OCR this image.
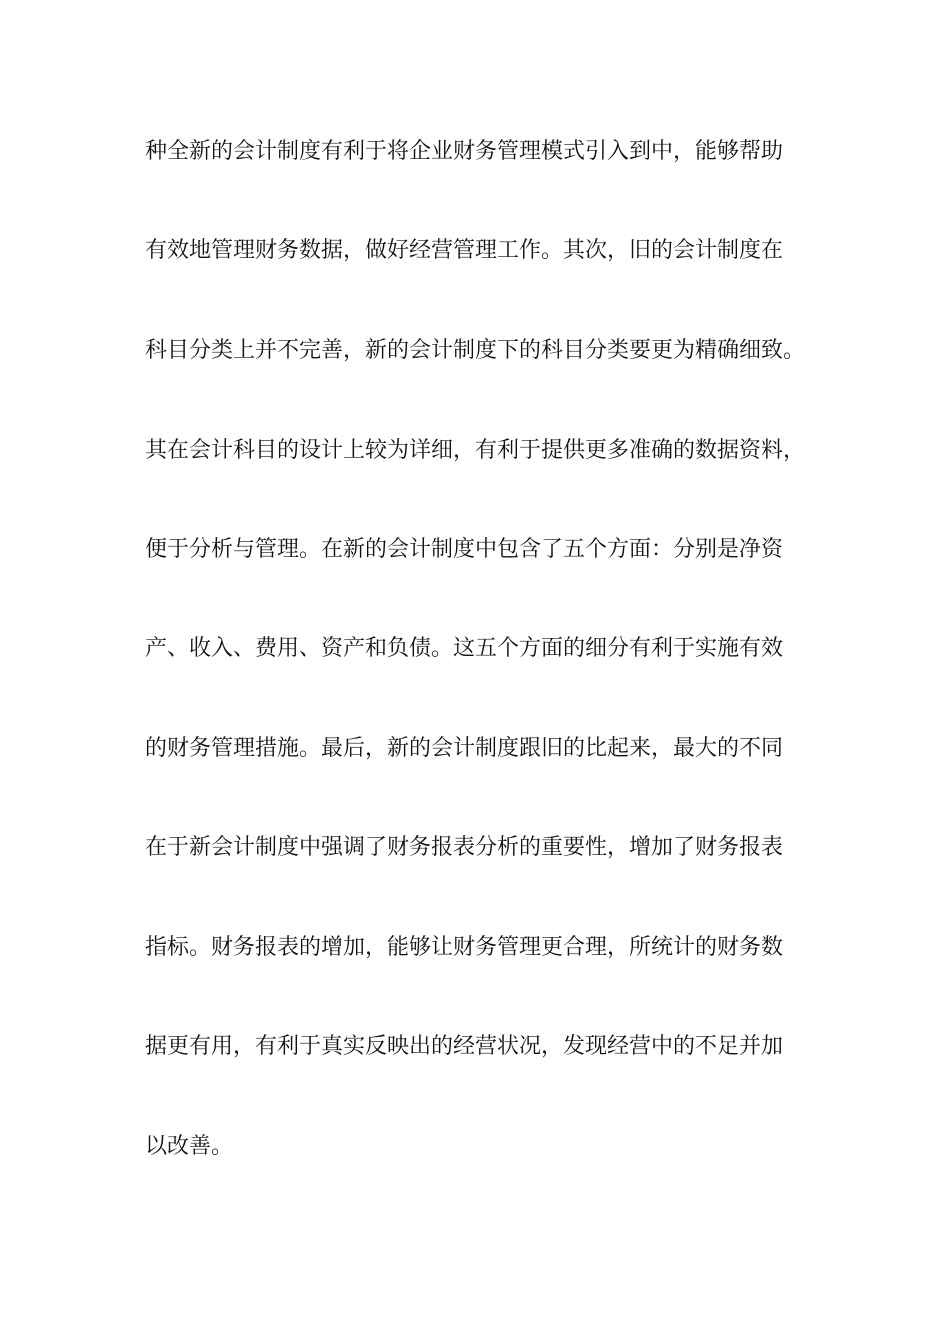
种全新的会计制度有利于将企业财务管理模式引入到中，能够帮助

有效地管理财务数据，做好经营管理工作。其次，旧的会计制度在

科目分类上并不完善，新的会计制度下的科目分类要更为精确细致。

其在会计科目的设计上较为详细，有利于提供更多准确的数据资料，

便于分析与管理。在新的会计制度中包含了五个方面：分别是净资

产、收入、费用、资产和负债。这五个方面的细分有利于实施有效

的财务管理措施。最后，新的会计制度跟旧的比起来，最大的不同

在于新会计制度中强调了财务报表分析的重要性，增加了财务报表

指标。财务报表的增加，能够让财务管理更合理，所统计的财务数

据更有用，有利于真实反映出的经营状况，发现经营中的不足并加

以改善。
